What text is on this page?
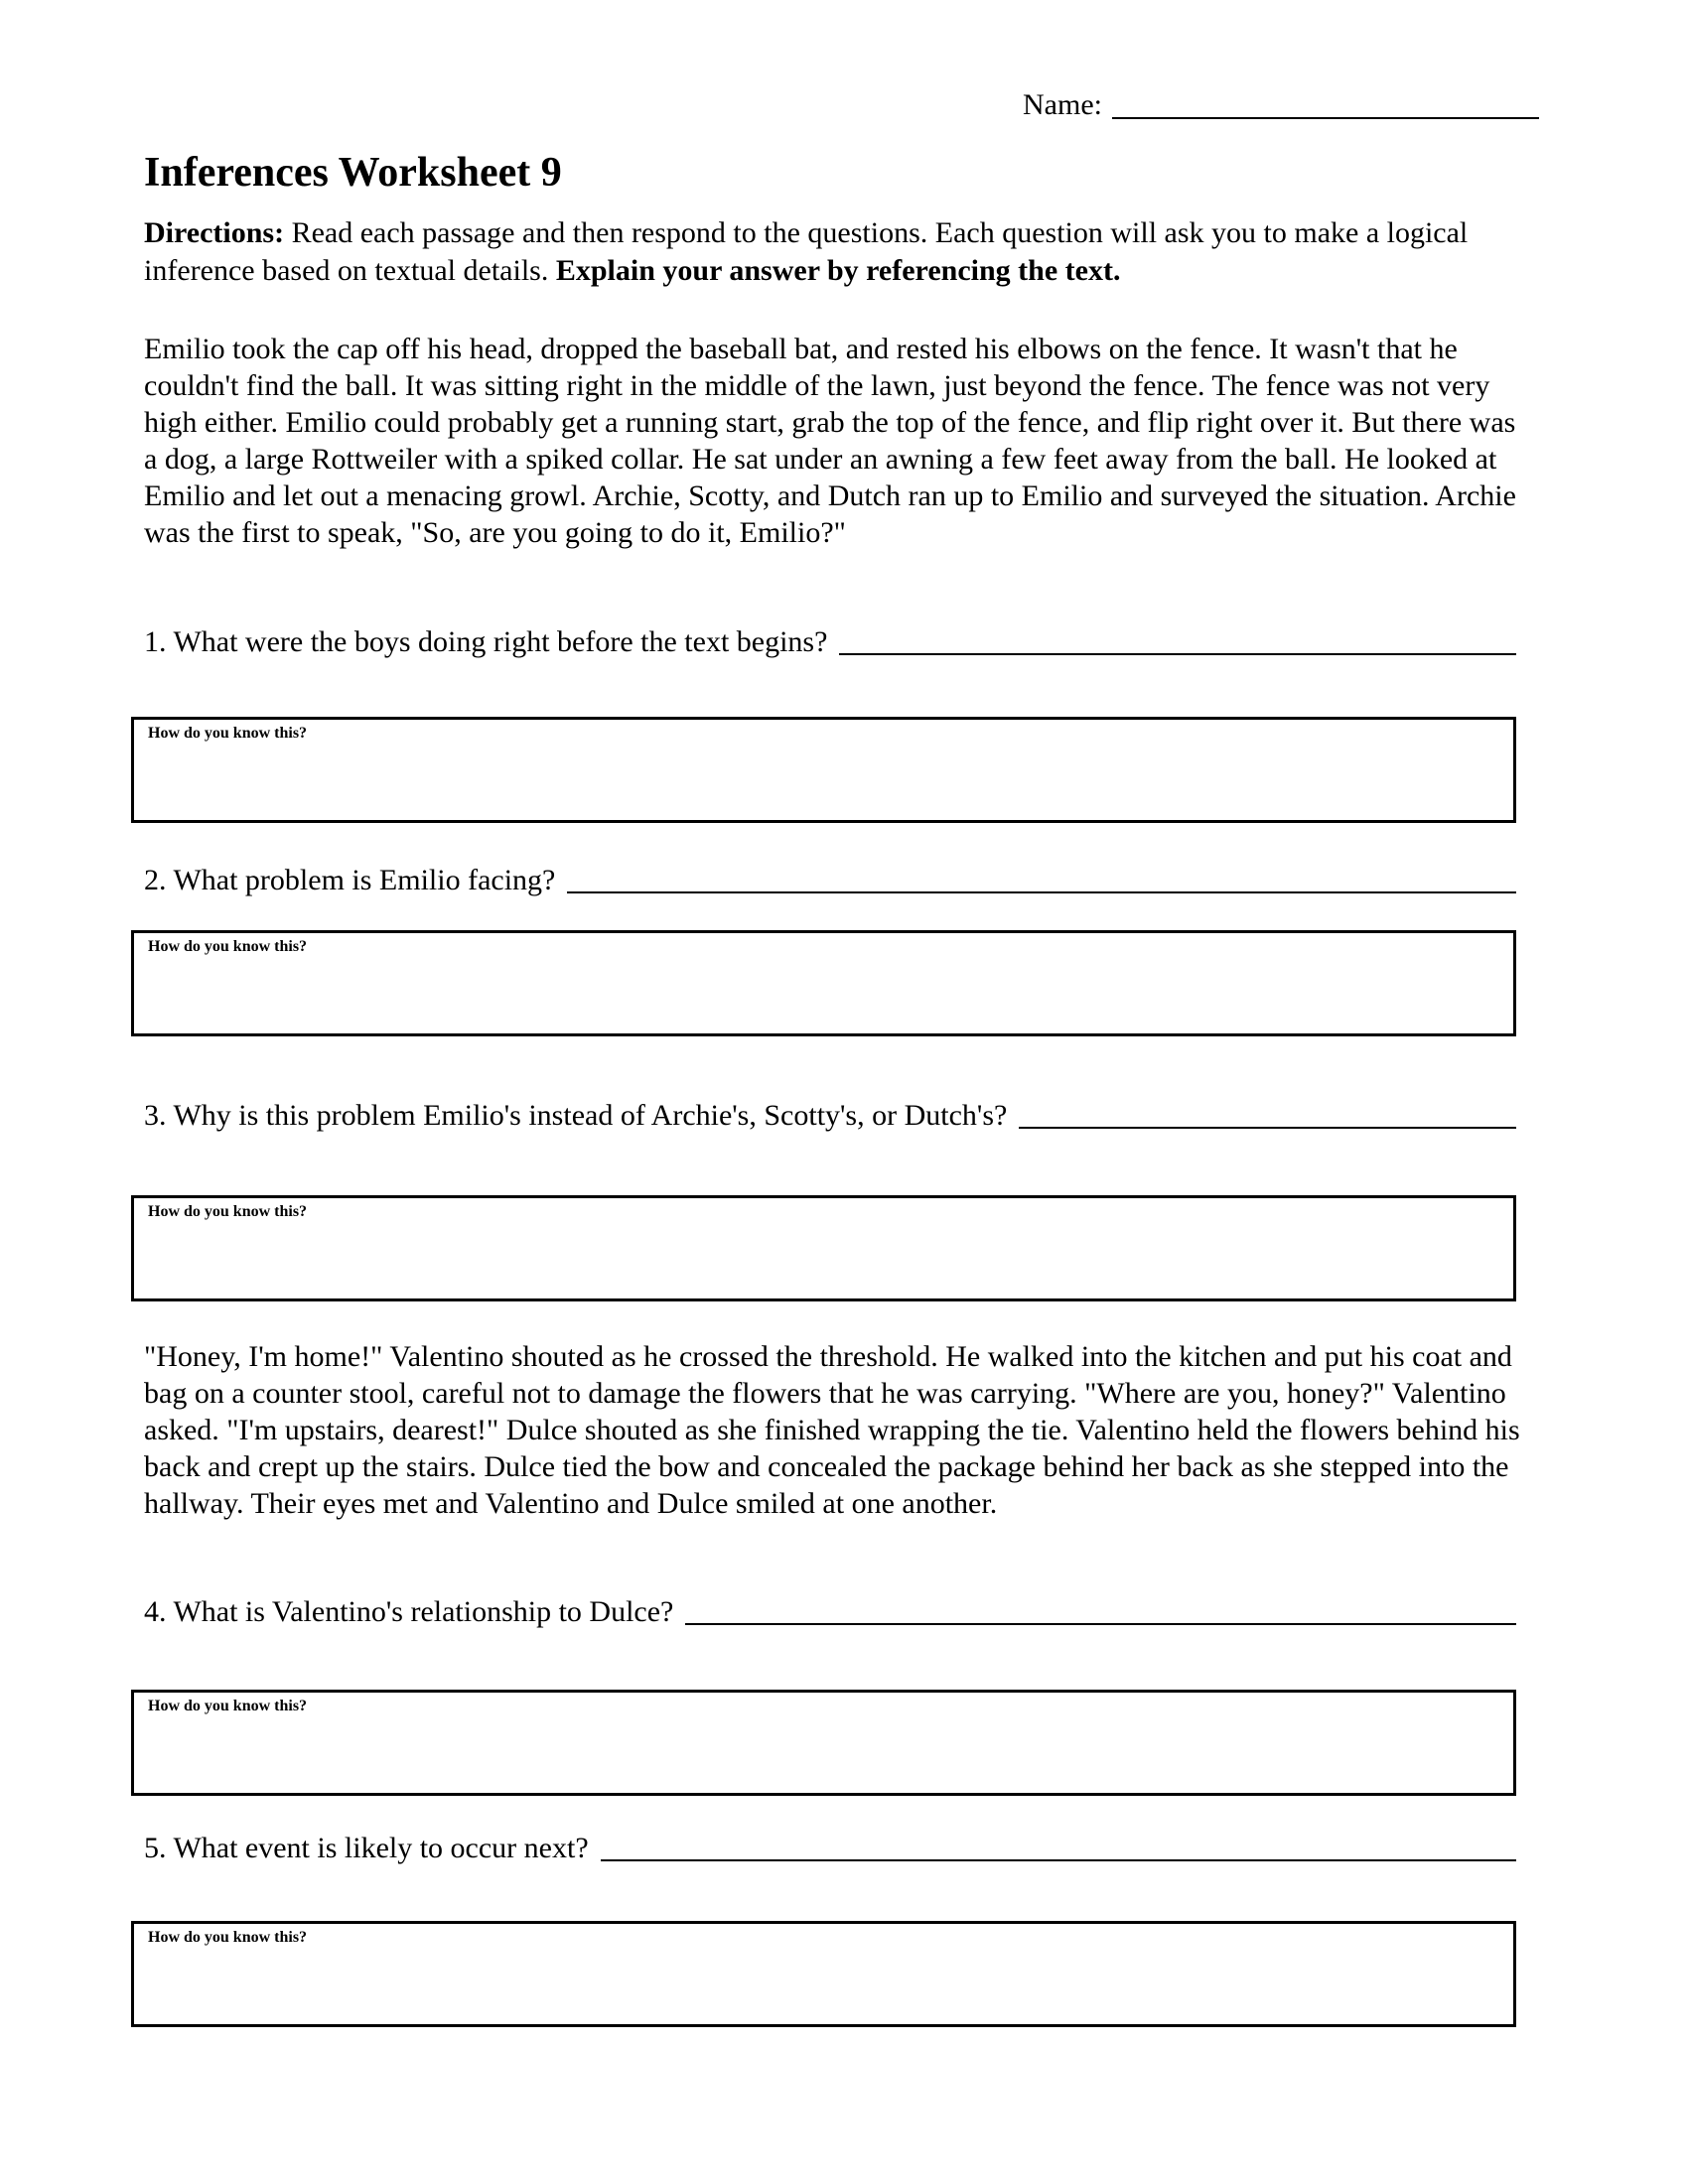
Name:
Inferences Worksheet 9

Directions: Read each passage and then respond to the questions. Each question will ask you to make a logical inference based on textual details. Explain your answer by referencing the text.

Emilio took the cap off his head, dropped the baseball bat, and rested his elbows on the fence. It wasn't that he couldn't find the ball. It was sitting right in the middle of the lawn, just beyond the fence. The fence was not very high either. Emilio could probably get a running start, grab the top of the fence, and flip right over it. But there was a dog, a large Rottweiler with a spiked collar. He sat under an awning a few feet away from the ball. He looked at Emilio and let out a menacing growl. Archie, Scotty, and Dutch ran up to Emilio and surveyed the situation. Archie was the first to speak, "So, are you going to do it, Emilio?"

1. What were the boys doing right before the text begins?
How do you know this?
2. What problem is Emilio facing?
How do you know this?
3. Why is this problem Emilio's instead of Archie's, Scotty's, or Dutch's?
How do you know this?

"Honey, I'm home!" Valentino shouted as he crossed the threshold. He walked into the kitchen and put his coat and bag on a counter stool, careful not to damage the flowers that he was carrying. "Where are you, honey?" Valentino asked. "I'm upstairs, dearest!" Dulce shouted as she finished wrapping the tie. Valentino held the flowers behind his back and crept up the stairs. Dulce tied the bow and concealed the package behind her back as she stepped into the hallway. Their eyes met and Valentino and Dulce smiled at one another.

4. What is Valentino's relationship to Dulce?
How do you know this?
5. What event is likely to occur next?
How do you know this?
